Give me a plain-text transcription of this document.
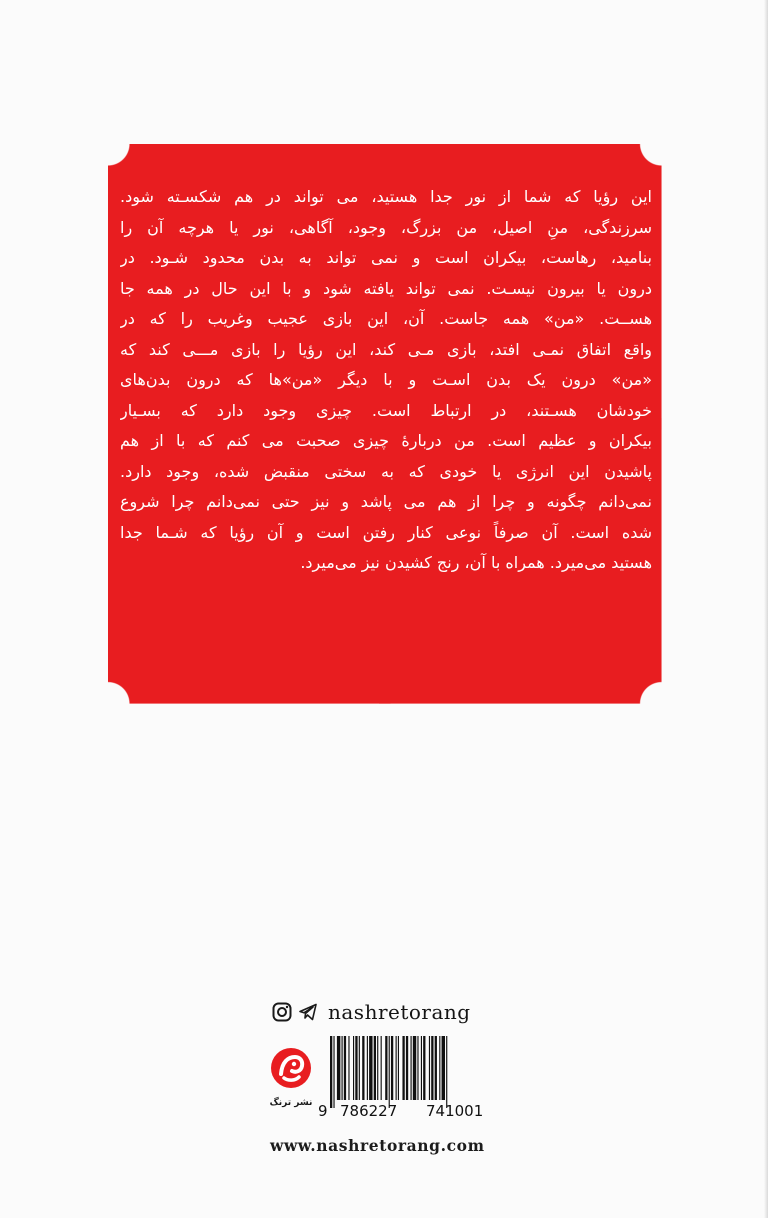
این رؤیا که شما از نور جدا هستید، می تواند در هم شکسـته شود.
سرزندگی، منِ اصیل، من بزرگ، وجود، آگاهی، نور یا هرچه آن را
بنامید، رهاست، بیکران است و نمی تواند به بدن محدود شـود. در
درون یا بیرون نیسـت. نمی تواند یافته شود و با این حال در همه جا
هســت. «من» همه جاست. آن، این بازی عجیب وغریب را که در
واقع اتفاق نمـی افتد، بازی مـی کند، این رؤیا را بازی مـــی کند که
«من» درون یک بدن اسـت و با دیگر «من»ها که درون بدن‌های
خودشان هسـتند، در ارتباط است. چیزی وجود دارد که بسـیار
بیکران و عظیم است. من دربارۀ چیزی صحبت می کنم که با از هم
پاشیدن این انرژی یا خودی که به سختی منقبض شده، وجود دارد.
نمی‌دانم چگونه و چرا از هم می پاشد و نیز حتی نمی‌دانم چرا شروع
شده است. آن صرفاً نوعی کنار رفتن است و آن رؤیا که شـما جدا
هستید می‌میرد. همراه با آن، رنج کشیدن نیز می‌میرد.
nashretorang
نشر ترنگ 9 786227 741001
www.nashretorang.com
